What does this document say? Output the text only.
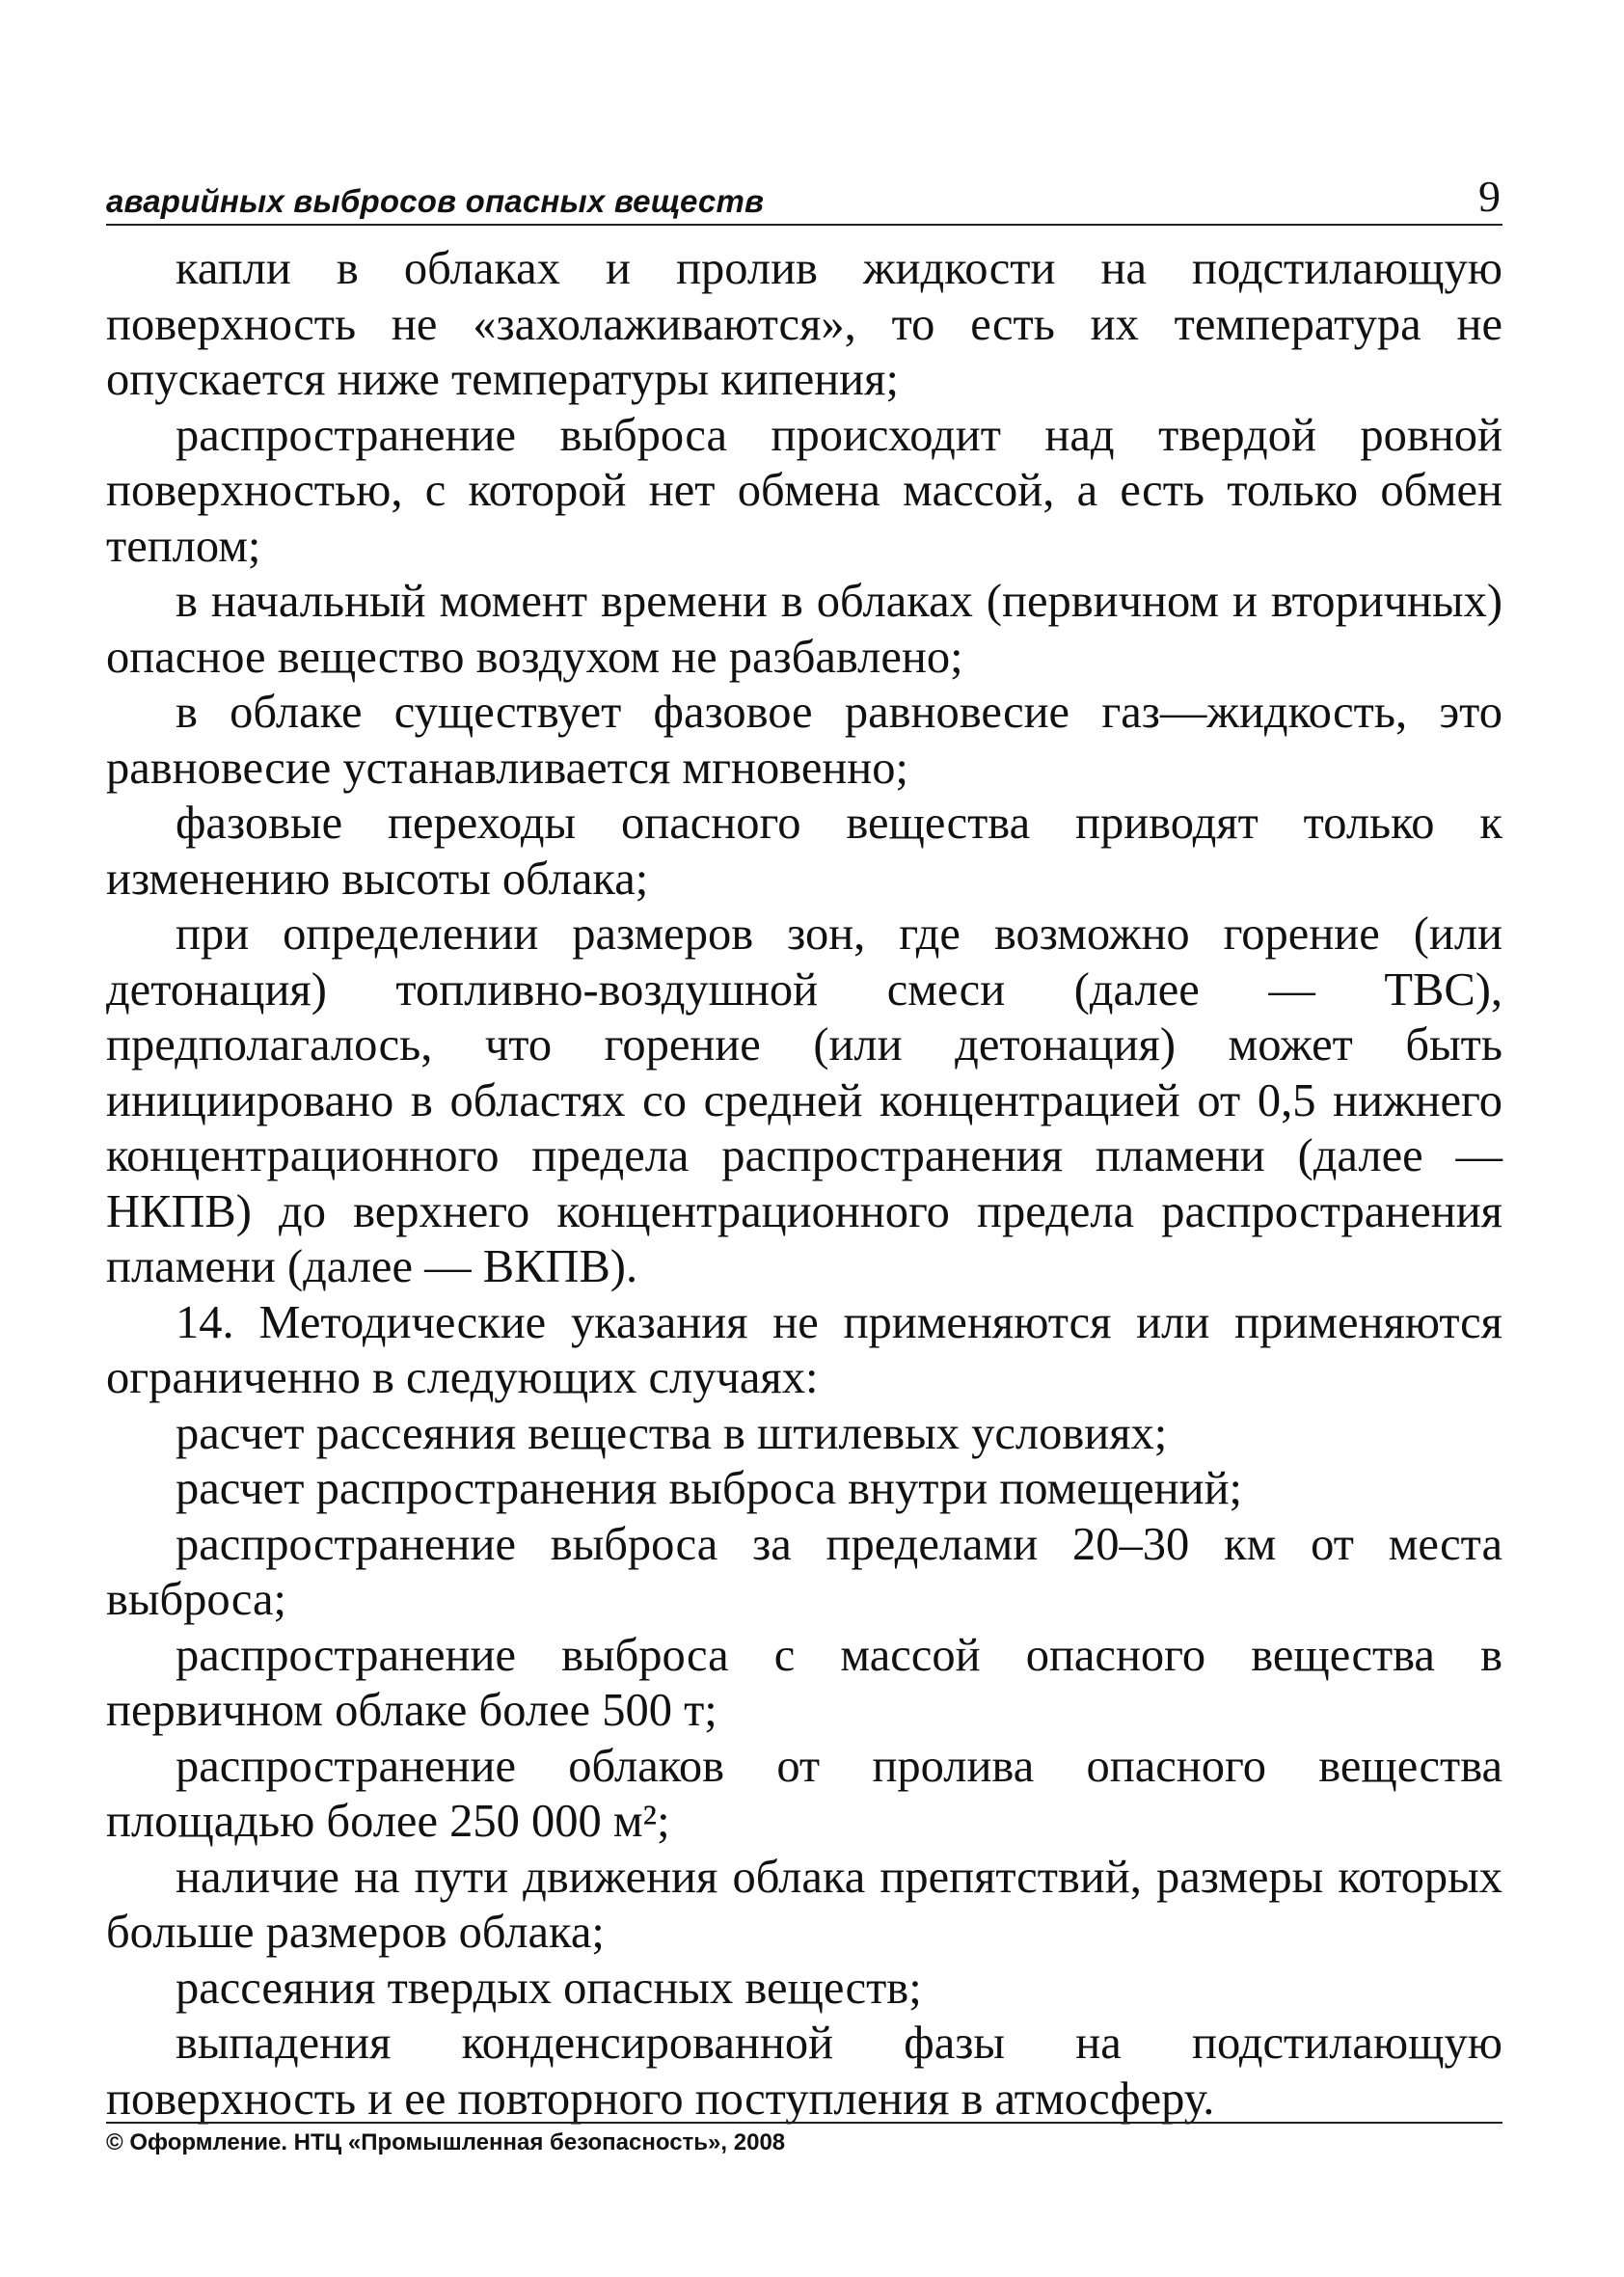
аварийных выбросов опасных веществ	9

капли в облаках и пролив жидкости на подстилающую поверхность не «захолаживаются», то есть их температура не опускается ниже температуры кипения;

распространение выброса происходит над твердой ровной поверхностью, с которой нет обмена массой, а есть только обмен теплом;

в начальный момент времени в облаках (первичном и вторичных) опасное вещество воздухом не разбавлено;

в облаке существует фазовое равновесие газ—жидкость, это равновесие устанавливается мгновенно;

фазовые переходы опасного вещества приводят только к изменению высоты облака;

при определении размеров зон, где возможно горение (или детонация) топливно-воздушной смеси (далее — ТВС), предполагалось, что горение (или детонация) может быть инициировано в областях со средней концентрацией от 0,5 нижнего концентрационного предела распространения пламени (далее — НКПВ) до верхнего концентрационного предела распространения пламени (далее — ВКПВ).

14. Методические указания не применяются или применяются ограниченно в следующих случаях:

расчет рассеяния вещества в штилевых условиях;

расчет распространения выброса внутри помещений;

распространение выброса за пределами 20–30 км от места выброса;

распространение выброса с массой опасного вещества в первичном облаке более 500 т;

распространение облаков от пролива опасного вещества площадью более 250 000 м²;

наличие на пути движения облака препятствий, размеры которых больше размеров облака;

рассеяния твердых опасных веществ;

выпадения конденсированной фазы на подстилающую поверхность и ее повторного поступления в атмосферу.

© Оформление. НТЦ «Промышленная безопасность», 2008
